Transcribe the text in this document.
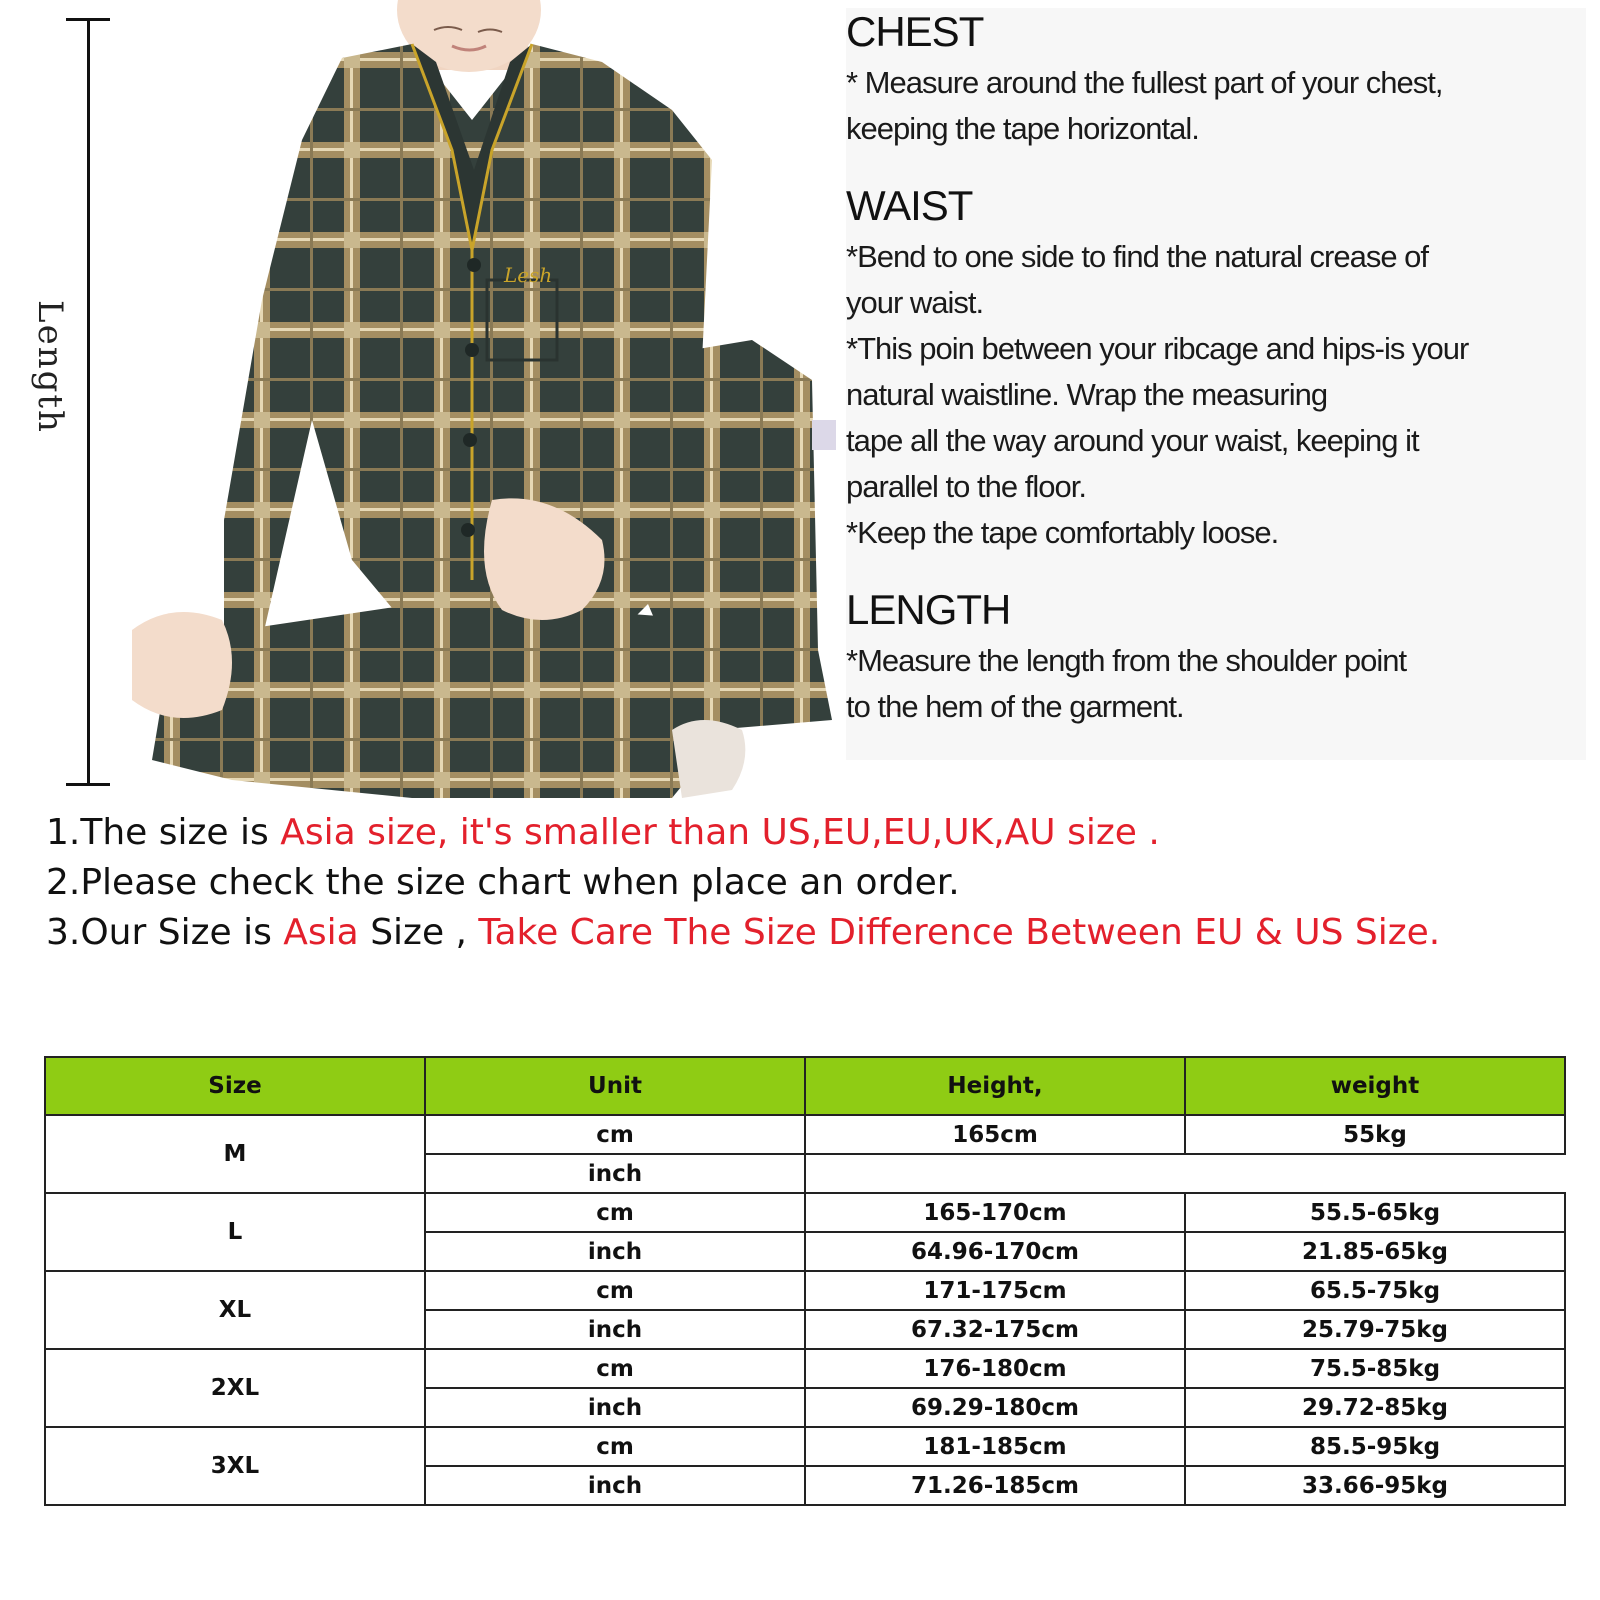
Length
Lesh
CHEST

* Measure around the fullest part of your chest,

keeping the tape horizontal.

WAIST

*Bend to one side to find the natural crease of

your waist.

*This poin between your ribcage and hips-is your

natural waistline. Wrap the measuring

tape all the way around your waist, keeping it

parallel to the floor.

*Keep the tape comfortably loose.

LENGTH

*Measure the length from the shoulder point

to the hem of the garment.

1.The size is Asia size, it's smaller than US,EU,EU,UK,AU size .
2.Please check the size chart when place an order.
3.Our Size is Asia Size , Take Care The Size Difference Between EU & US Size.
Size	Unit	Height,	weight
M	cm	165cm	55kg
	inch		
L	cm	165-170cm	55.5-65kg
	inch	64.96-170cm	21.85-65kg
XL	cm	171-175cm	65.5-75kg
	inch	67.32-175cm	25.79-75kg
2XL	cm	176-180cm	75.5-85kg
	inch	69.29-180cm	29.72-85kg
3XL	cm	181-185cm	85.5-95kg
	inch	71.26-185cm	33.66-95kg
